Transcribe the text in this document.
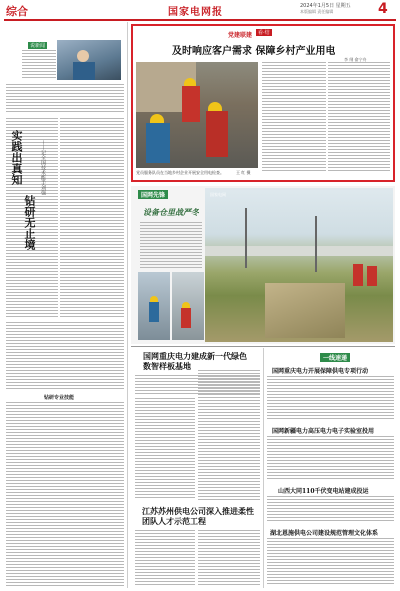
综合	国家电网报
2024年1月5日 星期五
本版编辑 责任编辑	4
说新闻
实践出真知
钻研无止境
——记全国技术能手刘强
钻研专业技能
党建联建	看·结
及时响应客户需求 保障乡村产业用电
李 纲 俞宁舟
党员服务队员在当地乡村企业开展安全用电检查。	王 红 摄
国网先锋
设备仓里战严冬
国家电网
国网重庆电力建成新一代绿色数智样板基地
江苏苏州供电公司深入推进柔性团队人才示范工程
一线速递
国网重庆电力开展保障供电专项行动
国网新疆电力高压电力电子实验室投用
山西大同110千伏变电站建成投运
湖北恩施供电公司建设规范管理文化体系
